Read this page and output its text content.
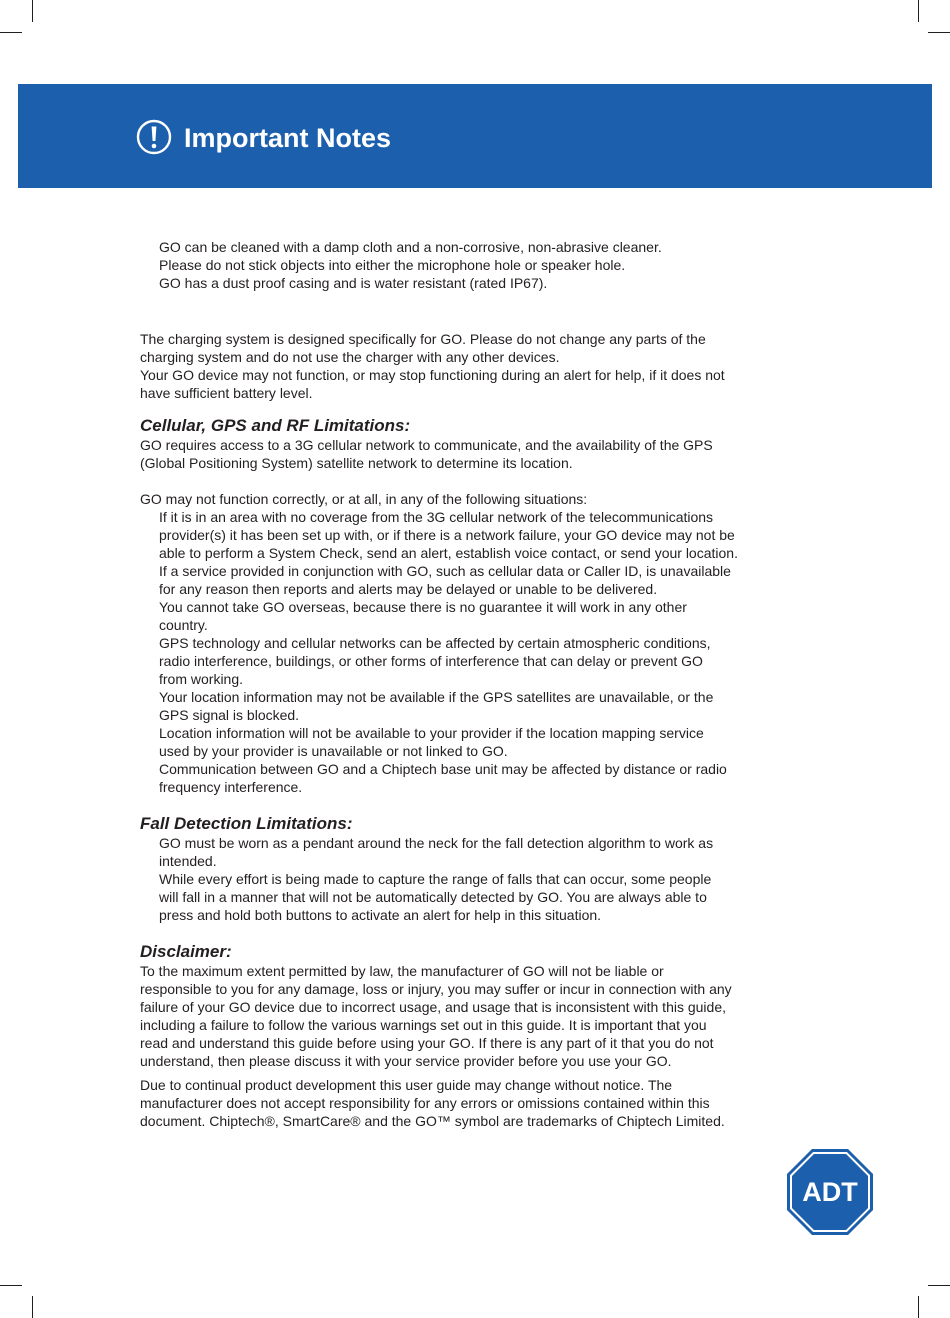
Important Notes

GO can be cleaned with a damp cloth and a non-corrosive, non-abrasive cleaner.

Please do not stick objects into either the microphone hole or speaker hole.

GO has a dust proof casing and is water resistant (rated IP67).

The charging system is designed specifically for GO. Please do not change any parts of the

charging system and do not use the charger with any other devices.

Your GO device may not function, or may stop functioning during an alert for help, if it does not

have sufficient battery level.

Cellular, GPS and RF Limitations:

GO requires access to a 3G cellular network to communicate, and the availability of the GPS

(Global Positioning System) satellite network to determine its location.

GO may not function correctly, or at all, in any of the following situations:

If it is in an area with no coverage from the 3G cellular network of the telecommunications

provider(s) it has been set up with, or if there is a network failure, your GO device may not be

able to perform a System Check, send an alert, establish voice contact, or send your location.

If a service provided in conjunction with GO, such as cellular data or Caller ID, is unavailable

for any reason then reports and alerts may be delayed or unable to be delivered.

You cannot take GO overseas, because there is no guarantee it will work in any other

country.

GPS technology and cellular networks can be affected by certain atmospheric conditions,

radio interference, buildings, or other forms of interference that can delay or prevent GO

from working.

Your location information may not be available if the GPS satellites are unavailable, or the

GPS signal is blocked.

Location information will not be available to your provider if the location mapping service

used by your provider is unavailable or not linked to GO.

Communication between GO and a Chiptech base unit may be affected by distance or radio

frequency interference.

Fall Detection Limitations:

GO must be worn as a pendant around the neck for the fall detection algorithm to work as

intended.

While every effort is being made to capture the range of falls that can occur, some people

will fall in a manner that will not be automatically detected by GO. You are always able to

press and hold both buttons to activate an alert for help in this situation.

Disclaimer:

To the maximum extent permitted by law, the manufacturer of GO will not be liable or

responsible to you for any damage, loss or injury, you may suffer or incur in connection with any

failure of your GO device due to incorrect usage, and usage that is inconsistent with this guide,

including a failure to follow the various warnings set out in this guide. It is important that you

read and understand this guide before using your GO. If there is any part of it that you do not

understand, then please discuss it with your service provider before you use your GO.

Due to continual product development this user guide may change without notice. The

manufacturer does not accept responsibility for any errors or omissions contained within this

document. Chiptech®, SmartCare® and the GO™ symbol are trademarks of Chiptech Limited.

ADT
